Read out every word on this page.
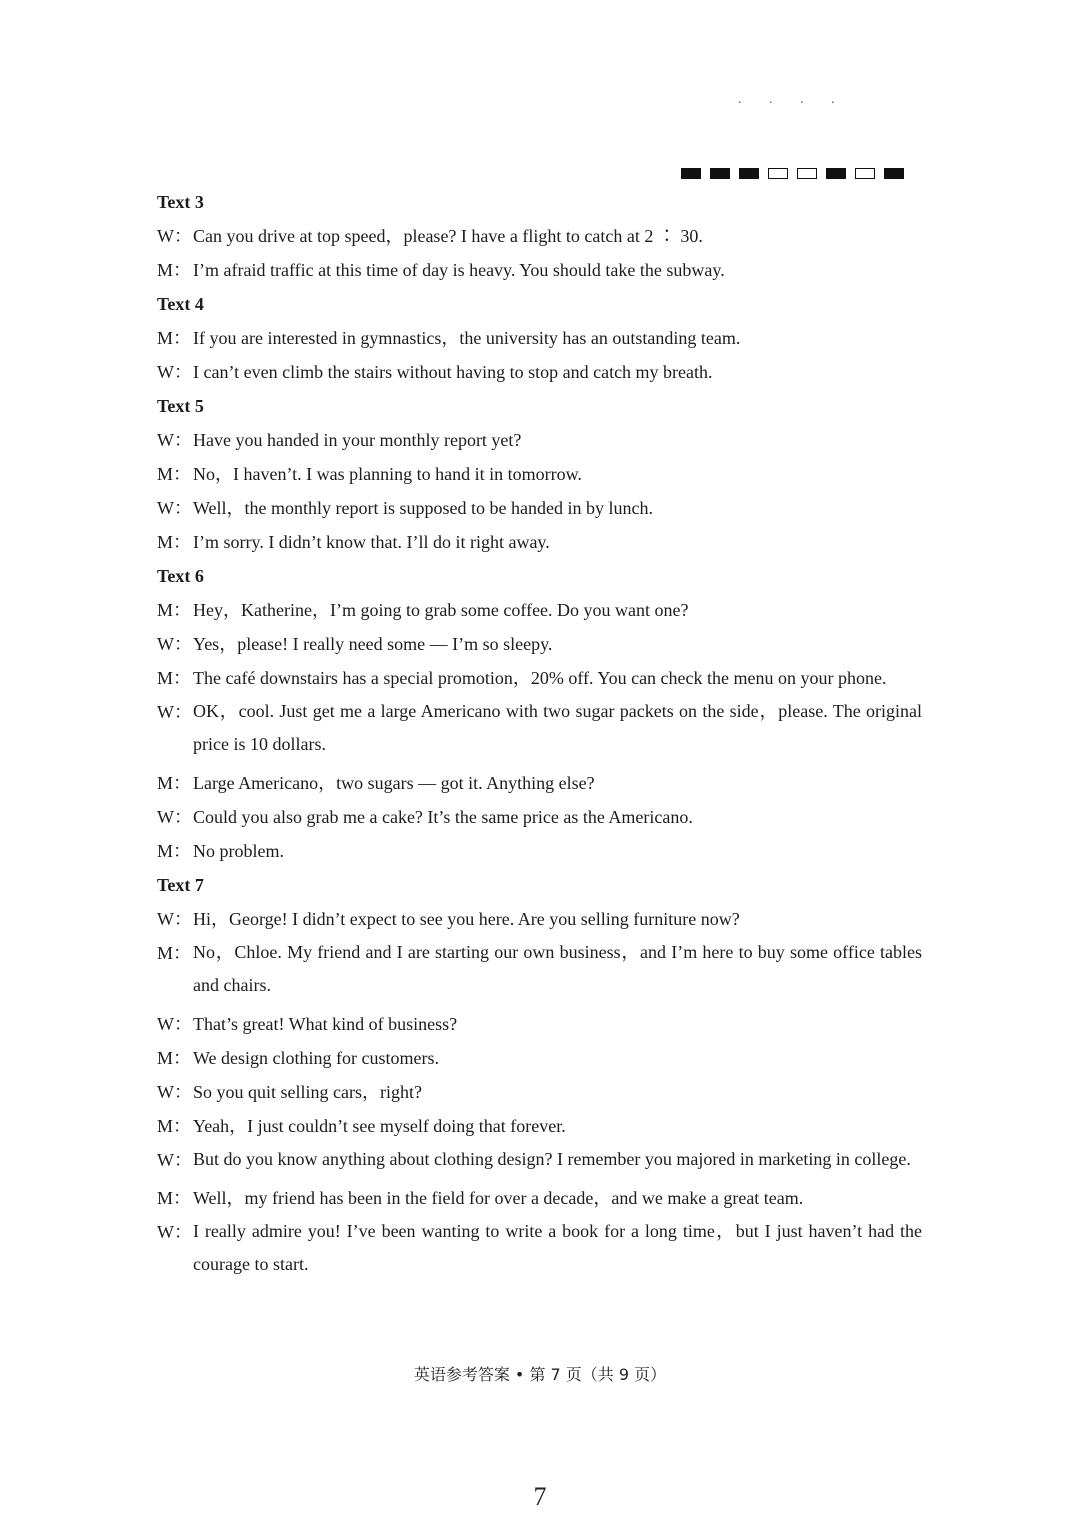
. . . .
Text 3
W： Can you drive at top speed，please? I have a flight to catch at 2 ∶ 30.
M： I’m afraid traffic at this time of day is heavy. You should take the subway.
Text 4
M： If you are interested in gymnastics，the university has an outstanding team.
W： I can’t even climb the stairs without having to stop and catch my breath.
Text 5
W： Have you handed in your monthly report yet?
M： No，I haven’t. I was planning to hand it in tomorrow.
W： Well，the monthly report is supposed to be handed in by lunch.
M： I’m sorry. I didn’t know that. I’ll do it right away.
Text 6
M： Hey，Katherine，I’m going to grab some coffee. Do you want one?
W： Yes，please! I really need some — I’m so sleepy.
M： The café downstairs has a special promotion，20% off. You can check the menu on your phone.
W： OK，cool. Just get me a large Americano with two sugar packets on the side，please. The original price is 10 dollars.
M： Large Americano，two sugars — got it. Anything else?
W： Could you also grab me a cake? It’s the same price as the Americano.
M： No problem.
Text 7
W： Hi，George! I didn’t expect to see you here. Are you selling furniture now?
M： No，Chloe. My friend and I are starting our own business，and I’m here to buy some office tables and chairs.
W： That’s great! What kind of business?
M： We design clothing for customers.
W： So you quit selling cars，right?
M： Yeah，I just couldn’t see myself doing that forever.
W： But do you know anything about clothing design? I remember you majored in marketing in college.
M： Well，my friend has been in the field for over a decade，and we make a great team.
W： I really admire you! I’ve been wanting to write a book for a long time，but I just haven’t had the courage to start.
英语参考答案 • 第 7 页（共 9 页）
7
